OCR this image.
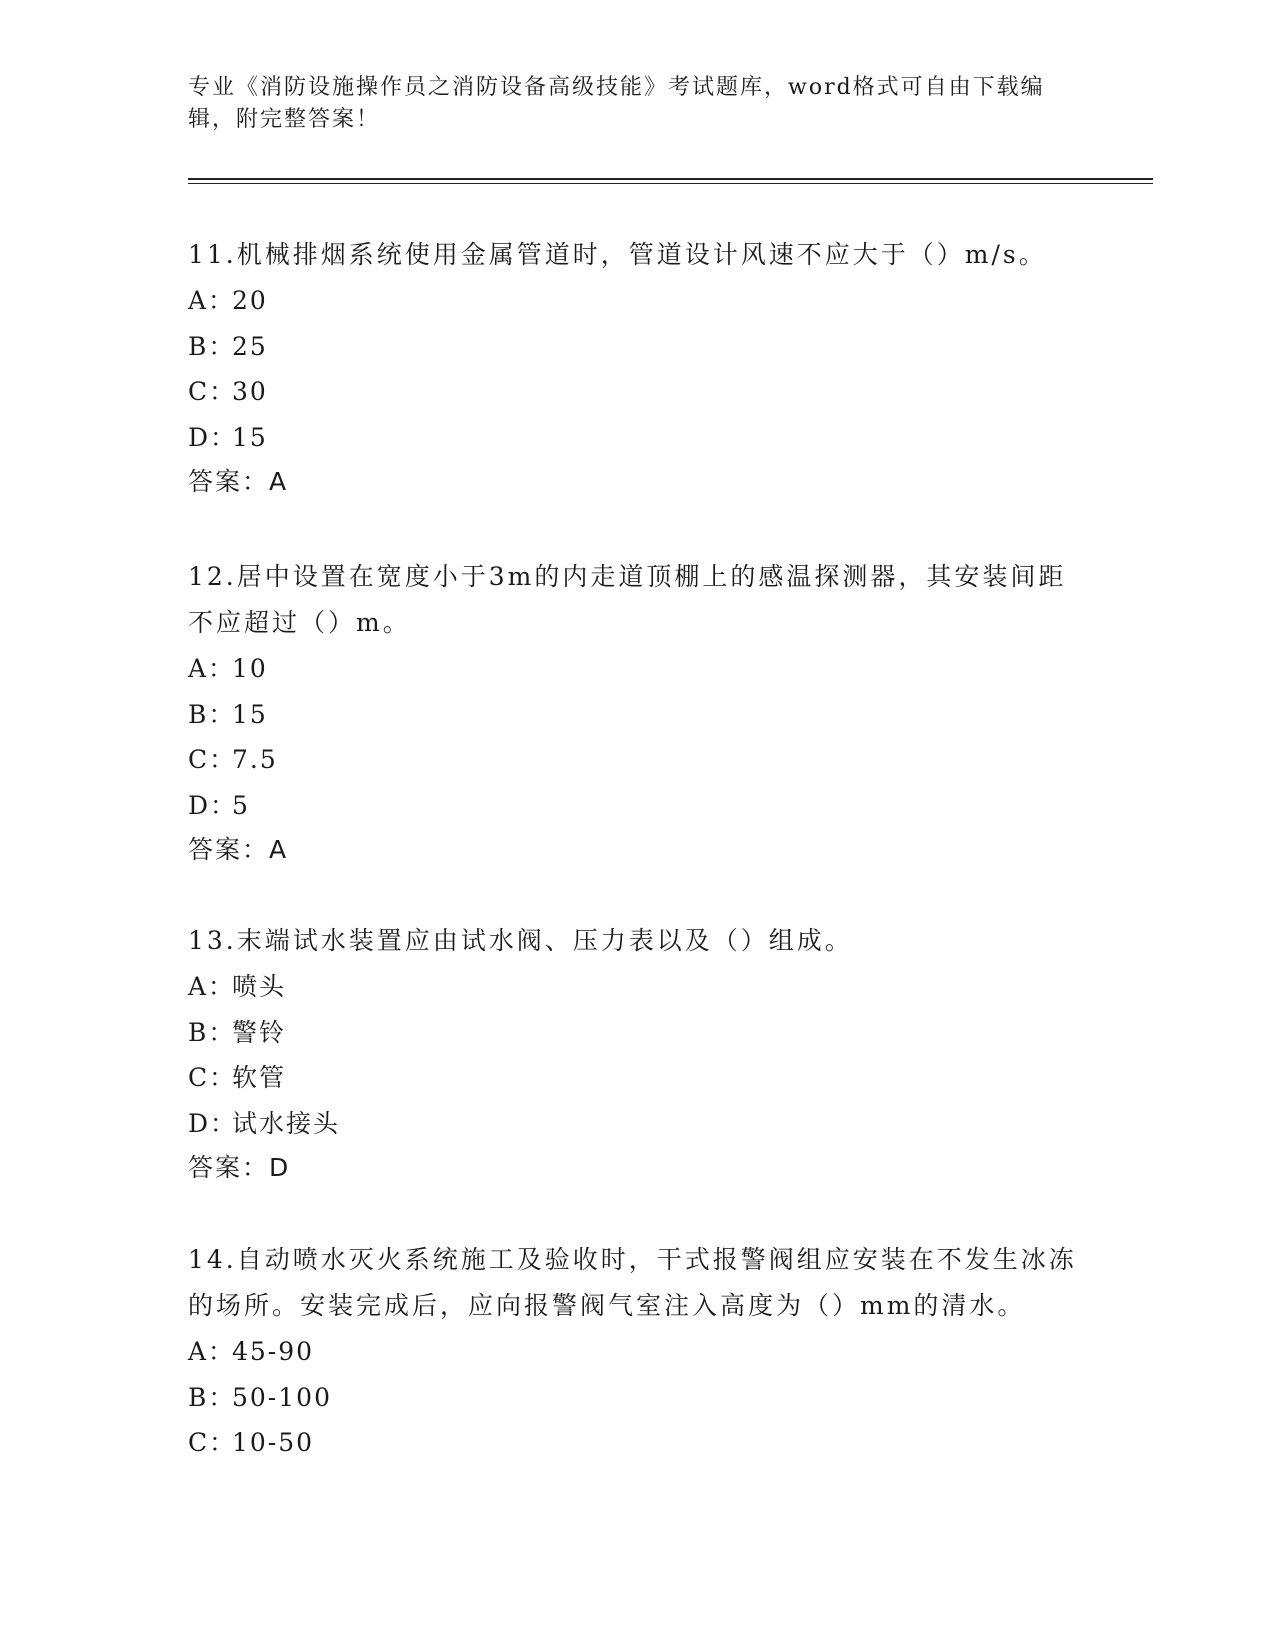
专业《消防设施操作员之消防设备高级技能》考试题库，word格式可自由下载编辑，附完整答案！

11.机械排烟系统使用金属管道时，管道设计风速不应大于（）m/s。

A：20

B：25

C：30

D：15

答案：A

12.居中设置在宽度小于3m的内走道顶棚上的感温探测器，其安装间距不应超过（）m。

A：10

B：15

C：7.5

D：5

答案：A

13.末端试水装置应由试水阀、压力表以及（）组成。

A：喷头

B：警铃

C：软管

D：试水接头

答案：D

14.自动喷水灭火系统施工及验收时，干式报警阀组应安装在不发生冰冻的场所。安装完成后，应向报警阀气室注入高度为（）mm的清水。

A：45-90

B：50-100

C：10-50
